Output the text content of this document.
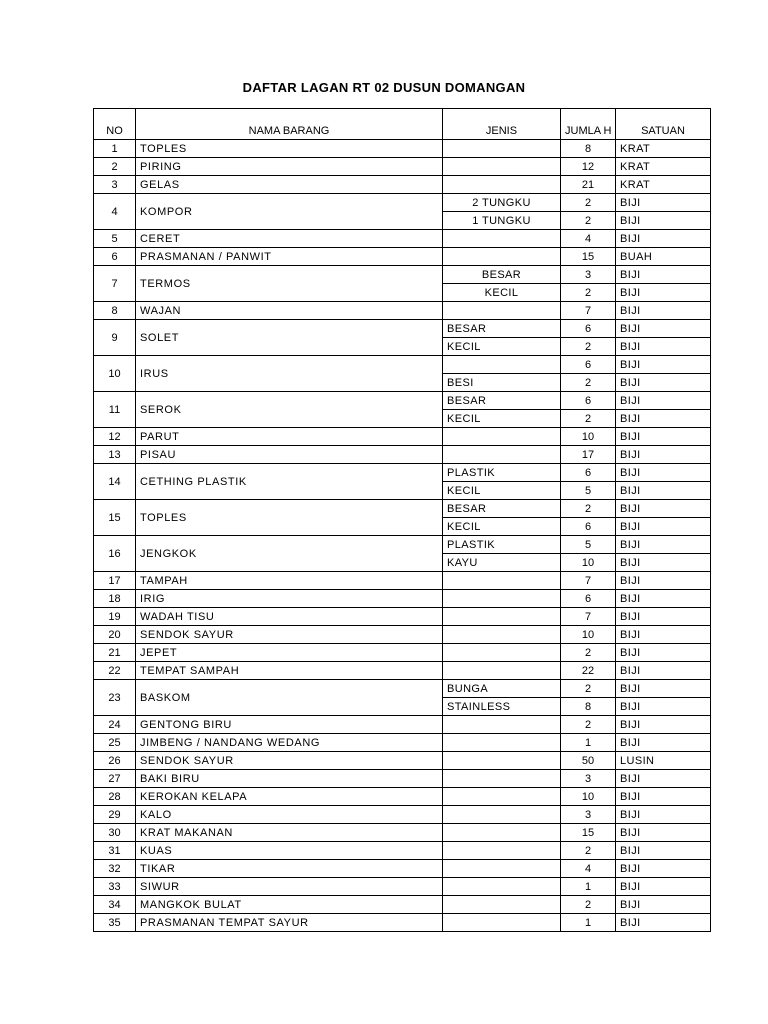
DAFTAR LAGAN RT 02 DUSUN DOMANGAN
NO	NAMA BARANG	JENIS	JUMLA H	SATUAN
1	TOPLES		8	KRAT
2	PIRING		12	KRAT
3	GELAS		21	KRAT
4	KOMPOR	2 TUNGKU	2	BIJI
		1 TUNGKU	2	BIJI
5	CERET		4	BIJI
6	PRASMANAN / PANWIT		15	BUAH
7	TERMOS	BESAR	3	BIJI
		KECIL	2	BIJI
8	WAJAN		7	BIJI
9	SOLET	BESAR	6	BIJI
		KECIL	2	BIJI
10	IRUS		6	BIJI
		BESI	2	BIJI
11	SEROK	BESAR	6	BIJI
		KECIL	2	BIJI
12	PARUT		10	BIJI
13	PISAU		17	BIJI
14	CETHING PLASTIK	PLASTIK	6	BIJI
		KECIL	5	BIJI
15	TOPLES	BESAR	2	BIJI
		KECIL	6	BIJI
16	JENGKOK	PLASTIK	5	BIJI
		KAYU	10	BIJI
17	TAMPAH		7	BIJI
18	IRIG		6	BIJI
19	WADAH TISU		7	BIJI
20	SENDOK SAYUR		10	BIJI
21	JEPET		2	BIJI
22	TEMPAT SAMPAH		22	BIJI
23	BASKOM	BUNGA	2	BIJI
		STAINLESS	8	BIJI
24	GENTONG BIRU		2	BIJI
25	JIMBENG / NANDANG WEDANG		1	BIJI
26	SENDOK SAYUR		50	LUSIN
27	BAKI BIRU		3	BIJI
28	KEROKAN KELAPA		10	BIJI
29	KALO		3	BIJI
30	KRAT MAKANAN		15	BIJI
31	KUAS		2	BIJI
32	TIKAR		4	BIJI
33	SIWUR		1	BIJI
34	MANGKOK BULAT		2	BIJI
35	PRASMANAN TEMPAT SAYUR		1	BIJI
